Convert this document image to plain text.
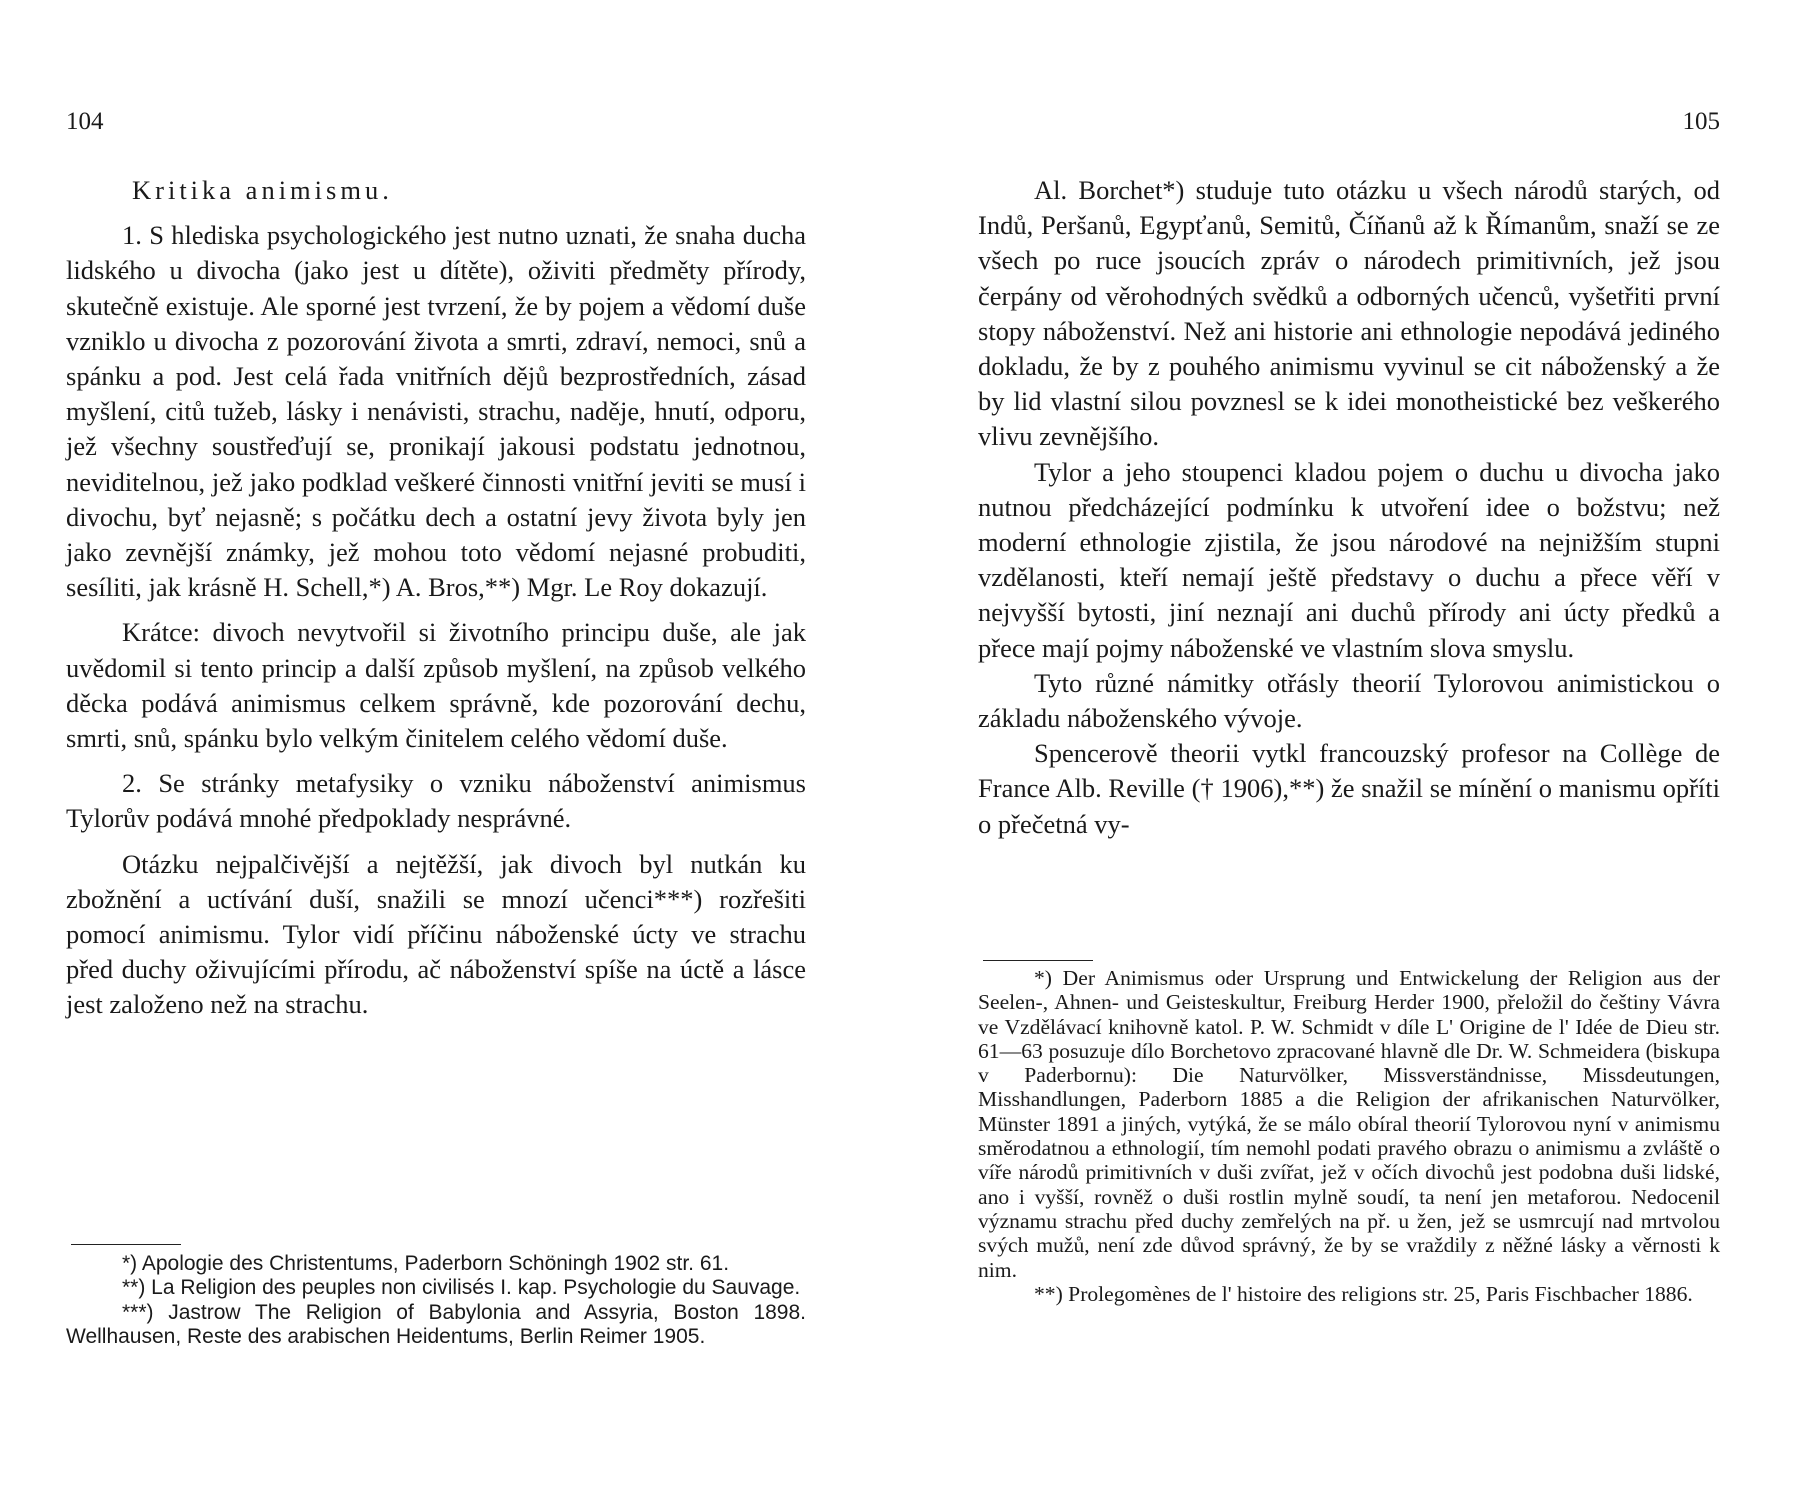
104

Kritika animismu.

1. S hlediska psychologického jest nutno uznati, že snaha ducha lidského u divocha (jako jest u dítěte), oživiti předměty přírody, skutečně existuje. Ale sporné jest tvrzení, že by pojem a vědomí duše vzniklo u divocha z pozorování života a smrti, zdraví, nemoci, snů a spánku a pod. Jest celá řada vnitřních dějů bezprostředních, zásad myšlení, citů tužeb, lásky i nenávisti, strachu, naděje, hnutí, odporu, jež všechny soustřeďují se, pronikají jakousi podstatu jednotnou, neviditelnou, jež jako podklad veškeré činnosti vnitřní jeviti se musí i divochu, byť nejasně; s počátku dech a ostatní jevy života byly jen jako zevnější známky, jež mohou toto vědomí nejasné probuditi, sesíliti, jak krásně H. Schell,*) A. Bros,**) Mgr. Le Roy dokazují.

Krátce: divoch nevytvořil si životního principu duše, ale jak uvědomil si tento princip a další způsob myšlení, na způsob velkého děcka podává animismus celkem správně, kde pozorování dechu, smrti, snů, spánku bylo velkým činitelem celého vědomí duše.

2. Se stránky metafysiky o vzniku náboženství animismus Tylorův podává mnohé předpoklady nesprávné.

Otázku nejpalčivější a nejtěžší, jak divoch byl nutkán ku zbožnění a uctívání duší, snažili se mnozí učenci***) rozřešiti pomocí animismu. Tylor vidí příčinu náboženské úcty ve strachu před duchy oživujícími přírodu, ač náboženství spíše na úctě a lásce jest založeno než na strachu.

*) Apologie des Christentums, Paderborn Schöningh 1902 str. 61.

**) La Religion des peuples non civilisés I. kap. Psychologie du Sauvage.

***) Jastrow The Religion of Babylonia and Assyria, Boston 1898. Wellhausen, Reste des arabischen Heidentums, Berlin Reimer 1905.

105

Al. Borchet*) studuje tuto otázku u všech národů starých, od Indů, Peršanů, Egypťanů, Semitů, Číňanů až k Římanům, snaží se ze všech po ruce jsoucích zpráv o národech primitivních, jež jsou čerpány od věrohodných svědků a odborných učenců, vyšetřiti první stopy náboženství. Než ani historie ani ethnologie nepodává jediného dokladu, že by z pouhého animismu vyvinul se cit náboženský a že by lid vlastní silou povznesl se k idei monotheistické bez veškerého vlivu zevnějšího.

Tylor a jeho stoupenci kladou pojem o duchu u divocha jako nutnou předcházející podmínku k utvoření idee o božstvu; než moderní ethnologie zjistila, že jsou národové na nejnižším stupni vzdělanosti, kteří nemají ještě představy o duchu a přece věří v nejvyšší bytosti, jiní neznají ani duchů přírody ani úcty předků a přece mají pojmy náboženské ve vlastním slova smyslu.

Tyto různé námitky otřásly theorií Tylorovou animistickou o základu náboženského vývoje.

Spencerově theorii vytkl francouzský profesor na Collège de France Alb. Reville († 1906),**) že snažil se mínění o manismu opříti o přečetná vy-

*) Der Animismus oder Ursprung und Entwickelung der Religion aus der Seelen-, Ahnen- und Geisteskultur, Freiburg Herder 1900, přeložil do češtiny Vávra ve Vzdělávací knihovně katol. P. W. Schmidt v díle L' Origine de l' Idée de Dieu str. 61—63 posuzuje dílo Borchetovo zpracované hlavně dle Dr. W. Schmeidera (biskupa v Paderbornu): Die Naturvölker, Missverständnisse, Missdeutungen, Misshandlungen, Paderborn 1885 a die Religion der afrikanischen Naturvölker, Münster 1891 a jiných, vytýká, že se málo obíral theorií Tylorovou nyní v animismu směrodatnou a ethnologií, tím nemohl podati pravého obrazu o animismu a zvláště o víře národů primitivních v duši zvířat, jež v očích divochů jest podobna duši lidské, ano i vyšší, rovněž o duši rostlin mylně soudí, ta není jen metaforou. Nedocenil významu strachu před duchy zemřelých na př. u žen, jež se usmrcují nad mrtvolou svých mužů, není zde důvod správný, že by se vraždily z něžné lásky a věrnosti k nim.

**) Prolegomènes de l' histoire des religions str. 25, Paris Fischbacher 1886.
